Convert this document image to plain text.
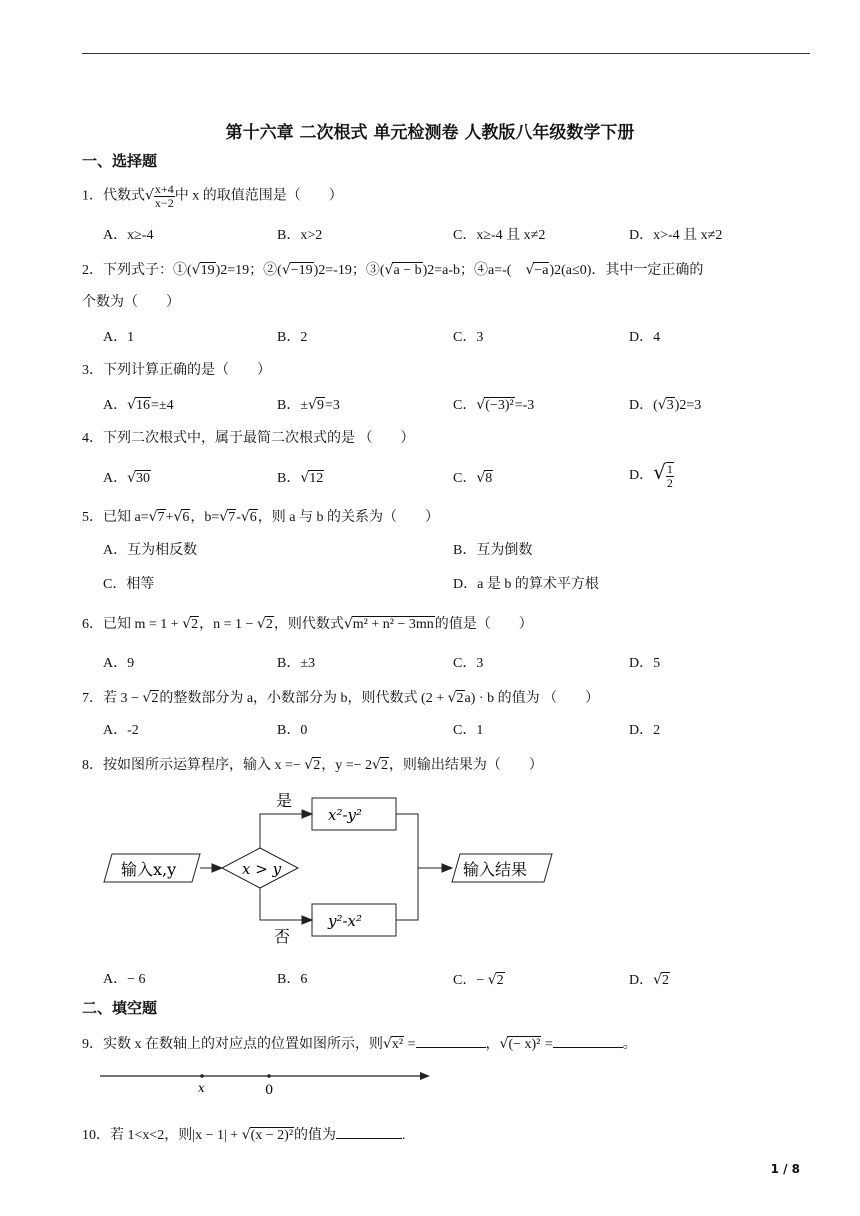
第十六章 二次根式 单元检测卷 人教版八年级数学下册
一、选择题
1．代数式√ $\frac{x+4}{x-2}$ 中 x 的取值范围是（　　）
A．x≥-4	B．x>2	C．x≥-4 且 x≠2	D．x>-4 且 x≠2
2．下列式子：①(√19)2=19；②(√−19)2=-19；③(√a − b)2=a-b；④a=-(　√−a)2(a≤0)．其中一定正确的
个数为（　　）
A．1	B．2	C．3	D．4
3．下列计算正确的是（　　）
A．√16=±4	B．±√9=3	C．√(−3)²=-3	D．(√3)2=3
4．下列二次根式中，属于最简二次根式的是 （　　）
A．√30	B．√12	C．√8	D．√ $\frac{1}{2}$
5．已知 a=√7+√6，b=√7-√6，则 a 与 b 的关系为（　　）
A．互为相反数	B．互为倒数
C．相等	D．a 是 b 的算术平方根
6．已知 m = 1 + √2，n = 1 − √2，则代数式√m² + n² − 3mn的值是（　　）
A．9	B．±3	C．3	D．5
7．若 3 − √2的整数部分为 a，小数部分为 b，则代数式 (2 + √2a) · b 的值为 （　　）
A．-2	B．0	C．1	D．2
8．按如图所示运算程序，输入 x =− √2，y =− 2√2，则输出结果为（　　）
输入x,y	x > y
是
否
x²-y²
y²-x²
输入结果
A．− 6	B．6	C．− √2	D．√2
二、填空题
9．实数 x 在数轴上的对应点的位置如图所示，则√x² =	，√(− x)² =	。
x	0
10．若 1<x<2，则|x − 1| + √(x − 2)²的值为	.
1 / 8
